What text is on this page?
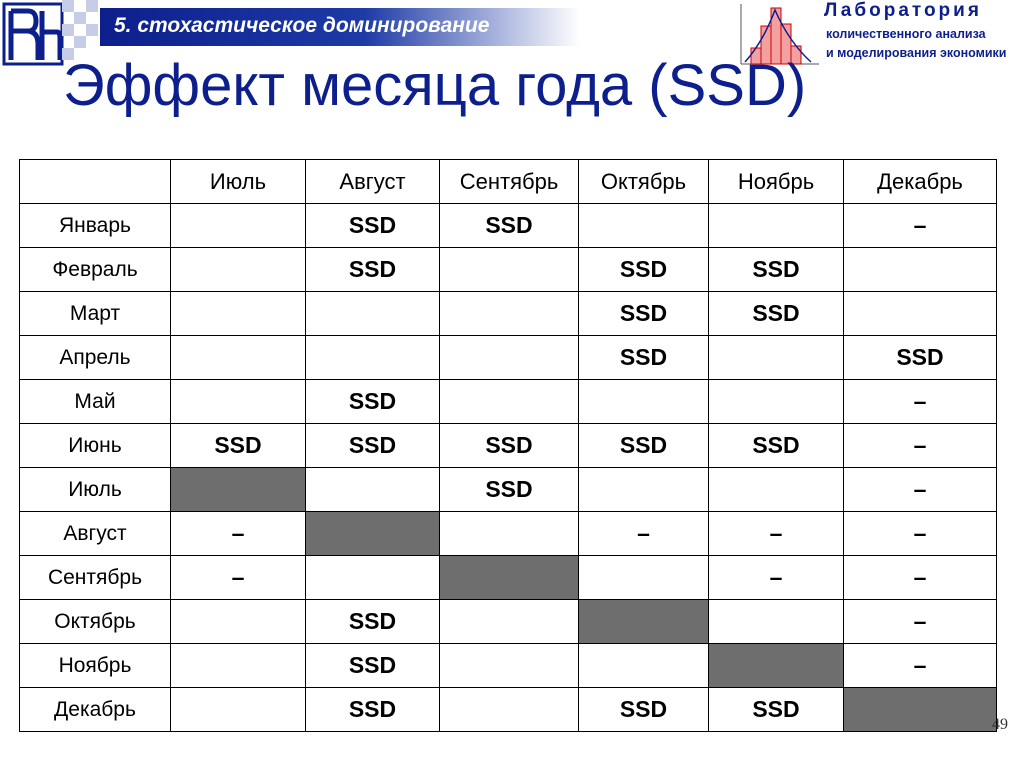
5. стохастическое доминирование
Лаборатория
количественного анализа
и моделирования экономики
Эффект месяца года (SSD)
	Июль	Август	Сентябрь	Октябрь	Ноябрь	Декабрь
Январь		SSD	SSD			–
Февраль		SSD		SSD	SSD	
Март				SSD	SSD	
Апрель				SSD		SSD
Май		SSD				–
Июнь	SSD	SSD	SSD	SSD	SSD	–
Июль			SSD			–
Август	–			–	–	–
Сентябрь	–				–	–
Октябрь		SSD				–
Ноябрь		SSD				–
Декабрь		SSD		SSD	SSD	
49
